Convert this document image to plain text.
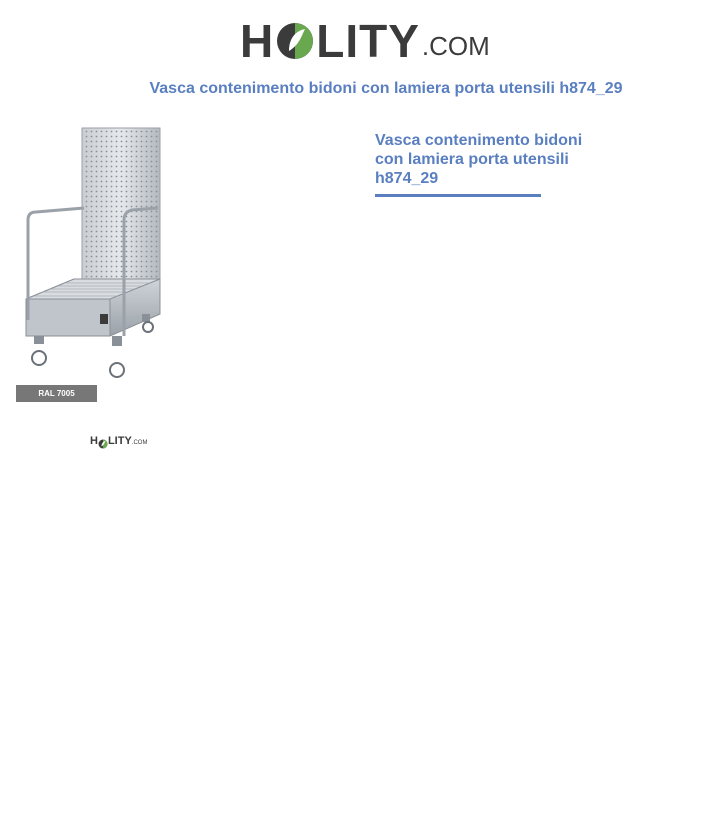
H LITY .COM
Vasca contenimento bidoni con lamiera porta utensili h874_29
RAL 7005
H LITY .COM
Vasca contenimento bidoni con lamiera porta utensili h874_29
